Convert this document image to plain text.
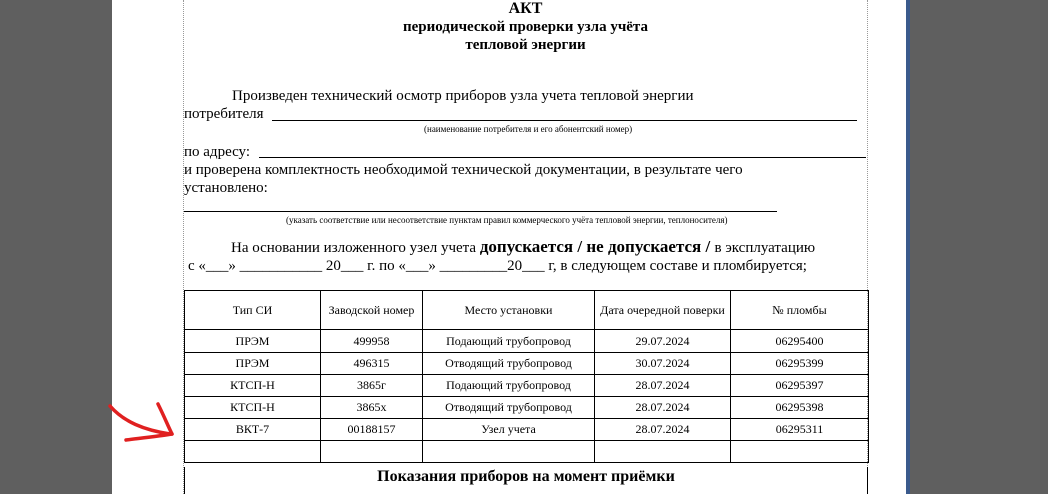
АКТ
периодической проверки узла учёта
тепловой энергии
Произведен технический осмотр приборов узла учета тепловой энергии
потребителя
(наименование потребителя и его абонентский номер)
по адресу:
и проверена комплектность необходимой технической документации, в результате чего
установлено:
(указать соответствие или несоответствие пунктам правил коммерческого учёта тепловой энергии, теплоносителя)
На основании изложенного узел учета допускается / не допускается / в эксплуатацию
с «___» ___________ 20___ г. по «___» _________20___ г, в следующем составе и пломбируется;
Тип СИ	Заводской номер	Место установки	Дата очередной поверки	№ пломбы
ПРЭМ	499958	Подающий трубопровод	29.07.2024	06295400
ПРЭМ	496315	Отводящий трубопровод	30.07.2024	06295399
КТСП-Н	3865г	Подающий трубопровод	28.07.2024	06295397
КТСП-Н	3865х	Отводящий трубопровод	28.07.2024	06295398
ВКТ-7	00188157	Узел учета	28.07.2024	06295311

Показания приборов на момент приёмки
